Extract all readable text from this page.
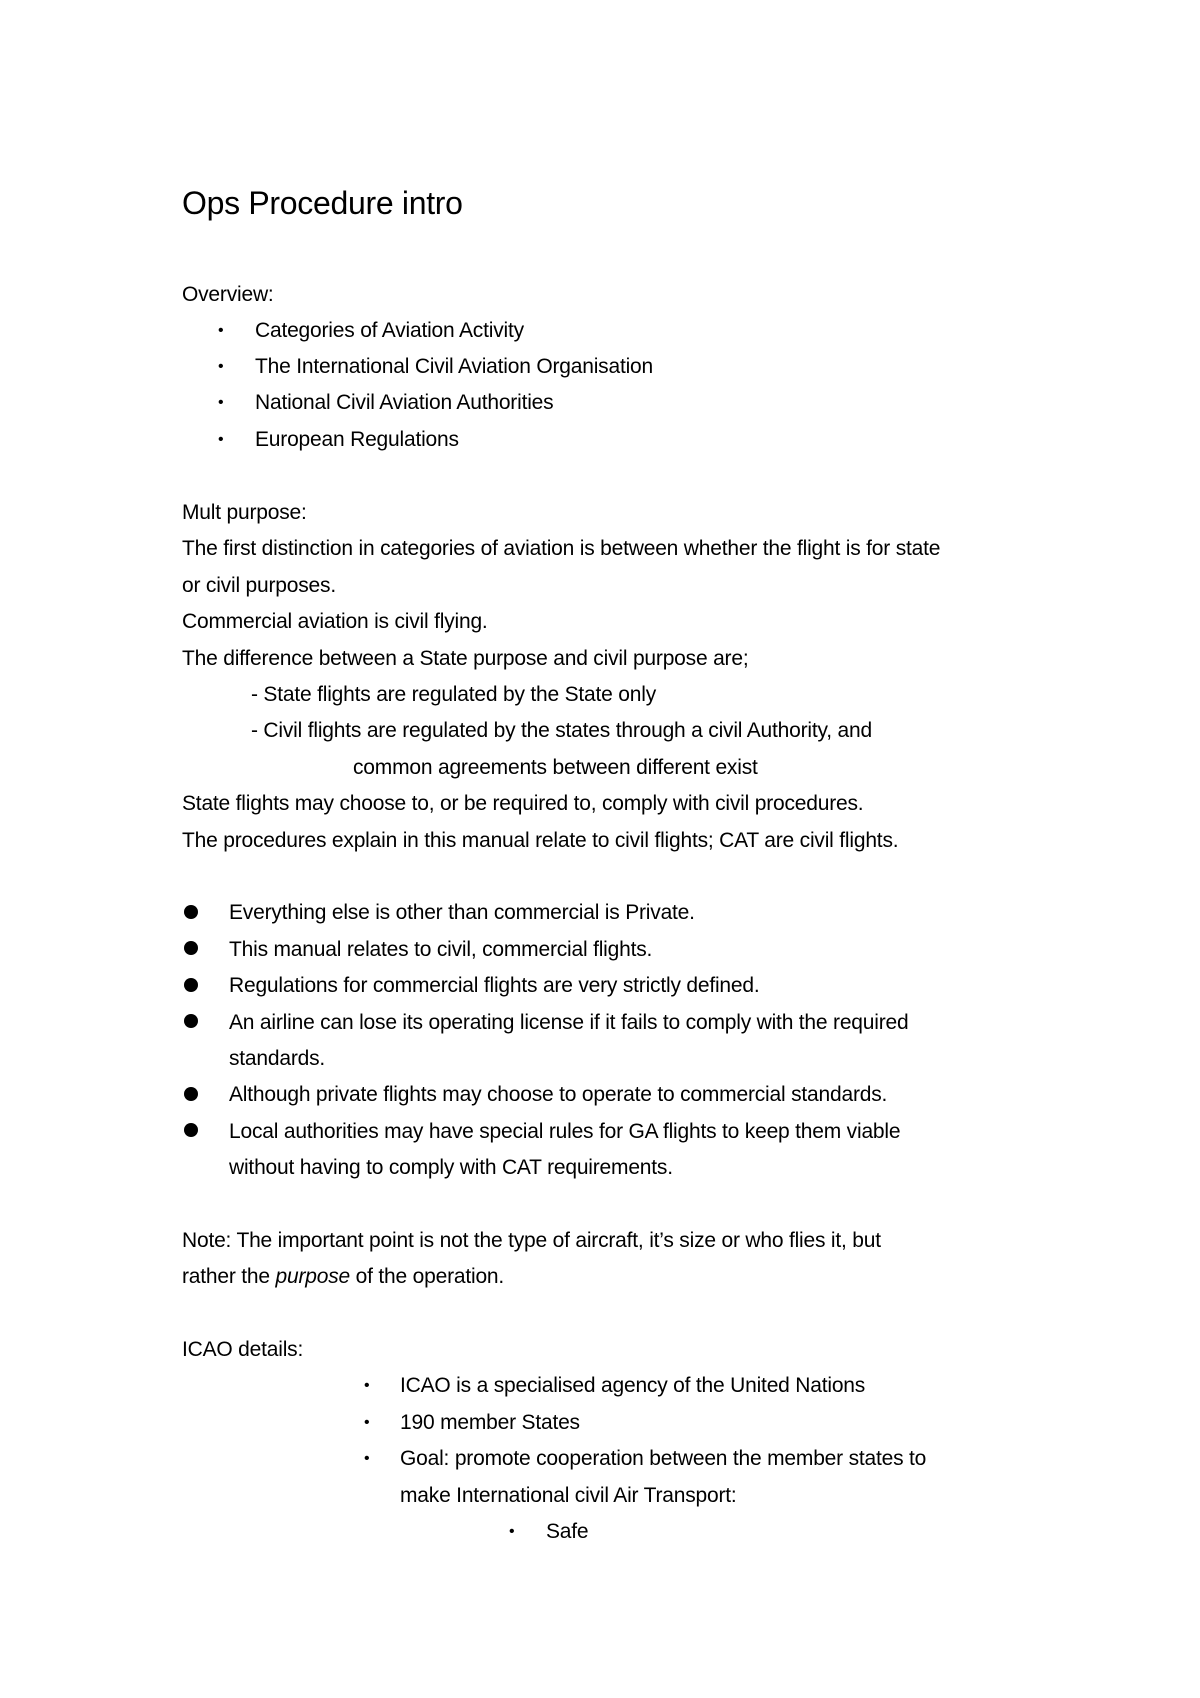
Ops Procedure intro
Overview:
• Categories of Aviation Activity
• The International Civil Aviation Organisation
• National Civil Aviation Authorities
• European Regulations
Mult purpose:
The first distinction in categories of aviation is between whether the flight is for state
or civil purposes.
Commercial aviation is civil flying.
The difference between a State purpose and civil purpose are;
- State flights are regulated by the State only
- Civil flights are regulated by the states through a civil Authority, and
common agreements between different exist
State flights may choose to, or be required to, comply with civil procedures.
The procedures explain in this manual relate to civil flights; CAT are civil flights.
Everything else is other than commercial is Private.
This manual relates to civil, commercial flights.
Regulations for commercial flights are very strictly defined.
An airline can lose its operating license if it fails to comply with the required
standards.
Although private flights may choose to operate to commercial standards.
Local authorities may have special rules for GA flights to keep them viable
without having to comply with CAT requirements.
Note: The important point is not the type of aircraft, it’s size or who flies it, but
rather the purpose of the operation.
ICAO details:
• ICAO is a specialised agency of the United Nations
• 190 member States
• Goal: promote cooperation between the member states to
make International civil Air Transport:
• Safe
